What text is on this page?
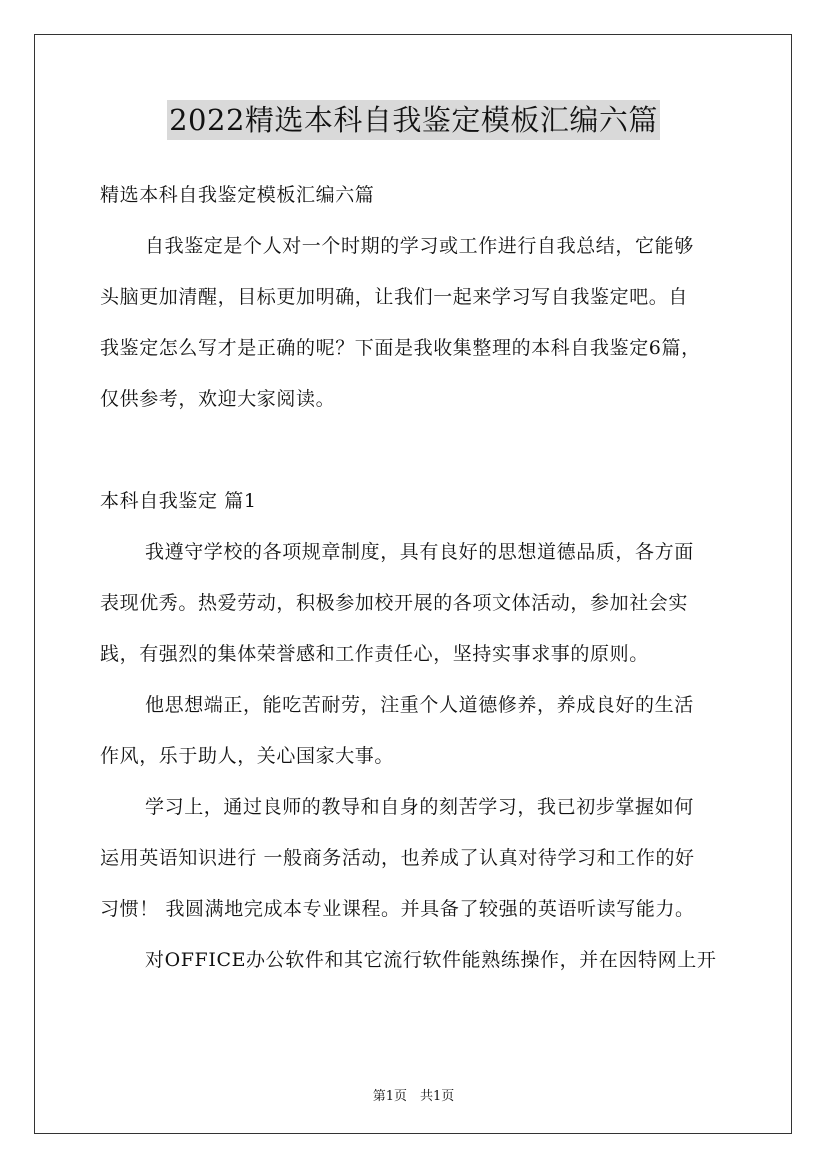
2022精选本科自我鉴定模板汇编六篇
精选本科自我鉴定模板汇编六篇
自我鉴定是个人对一个时期的学习或工作进行自我总结，它能够
头脑更加清醒，目标更加明确，让我们一起来学习写自我鉴定吧。自
我鉴定怎么写才是正确的呢？下面是我收集整理的本科自我鉴定6篇，
仅供参考，欢迎大家阅读。
本科自我鉴定 篇1
我遵守学校的各项规章制度，具有良好的思想道德品质，各方面
表现优秀。热爱劳动，积极参加校开展的各项文体活动，参加社会实
践，有强烈的集体荣誉感和工作责任心，坚持实事求事的原则。
他思想端正，能吃苦耐劳，注重个人道德修养，养成良好的生活
作风，乐于助人，关心国家大事。
学习上，通过良师的教导和自身的刻苦学习，我已初步掌握如何
运用英语知识进行 一般商务活动，也养成了认真对待学习和工作的好
习惯！ 我圆满地完成本专业课程。并具备了较强的英语听读写能力。
对OFFICE办公软件和其它流行软件能熟练操作，并在因特网上开
第1页　共1页
